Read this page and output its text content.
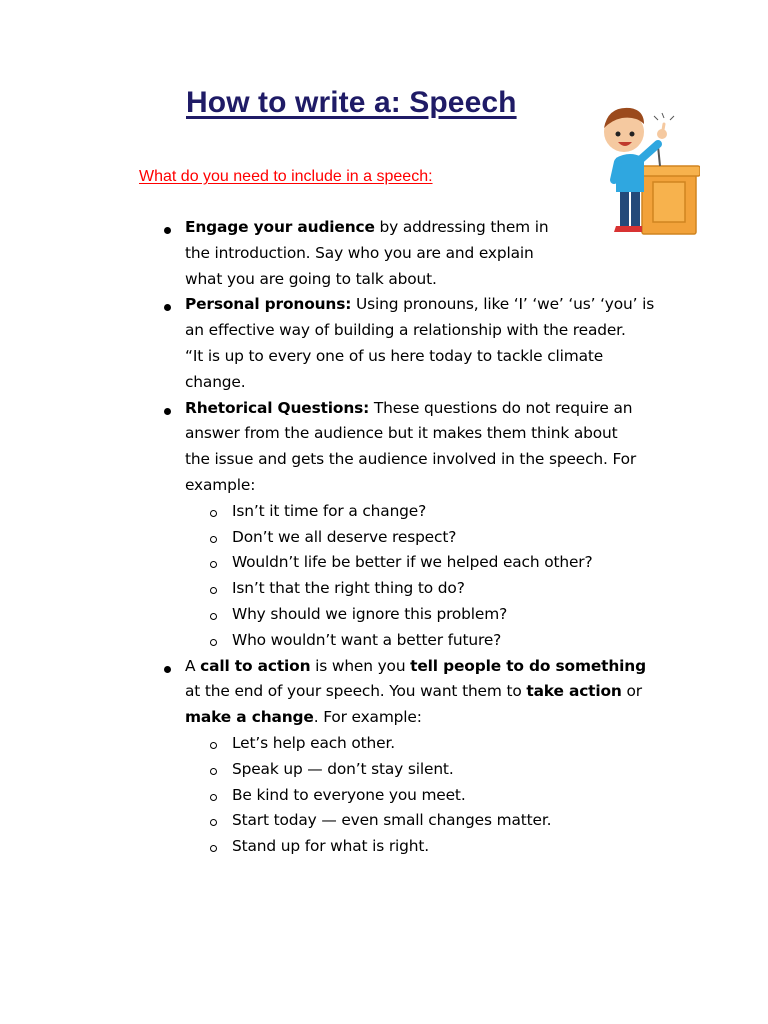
How to write a: Speech
What do you need to include in a speech:
Engage your audience by addressing them in
the introduction. Say who you are and explain
what you are going to talk about.
Personal pronouns: Using pronouns, like ‘I’ ‘we’ ‘us’ ‘you’ is
an effective way of building a relationship with the reader.
“It is up to every one of us here today to tackle climate
change.
Rhetorical Questions: These questions do not require an
answer from the audience but it makes them think about
the issue and gets the audience involved in the speech. For
example:
Isn’t it time for a change?
Don’t we all deserve respect?
Wouldn’t life be better if we helped each other?
Isn’t that the right thing to do?
Why should we ignore this problem?
Who wouldn’t want a better future?
A call to action is when you tell people to do something
at the end of your speech. You want them to take action or
make a change. For example:
Let’s help each other.
Speak up — don’t stay silent.
Be kind to everyone you meet.
Start today — even small changes matter.
Stand up for what is right.
